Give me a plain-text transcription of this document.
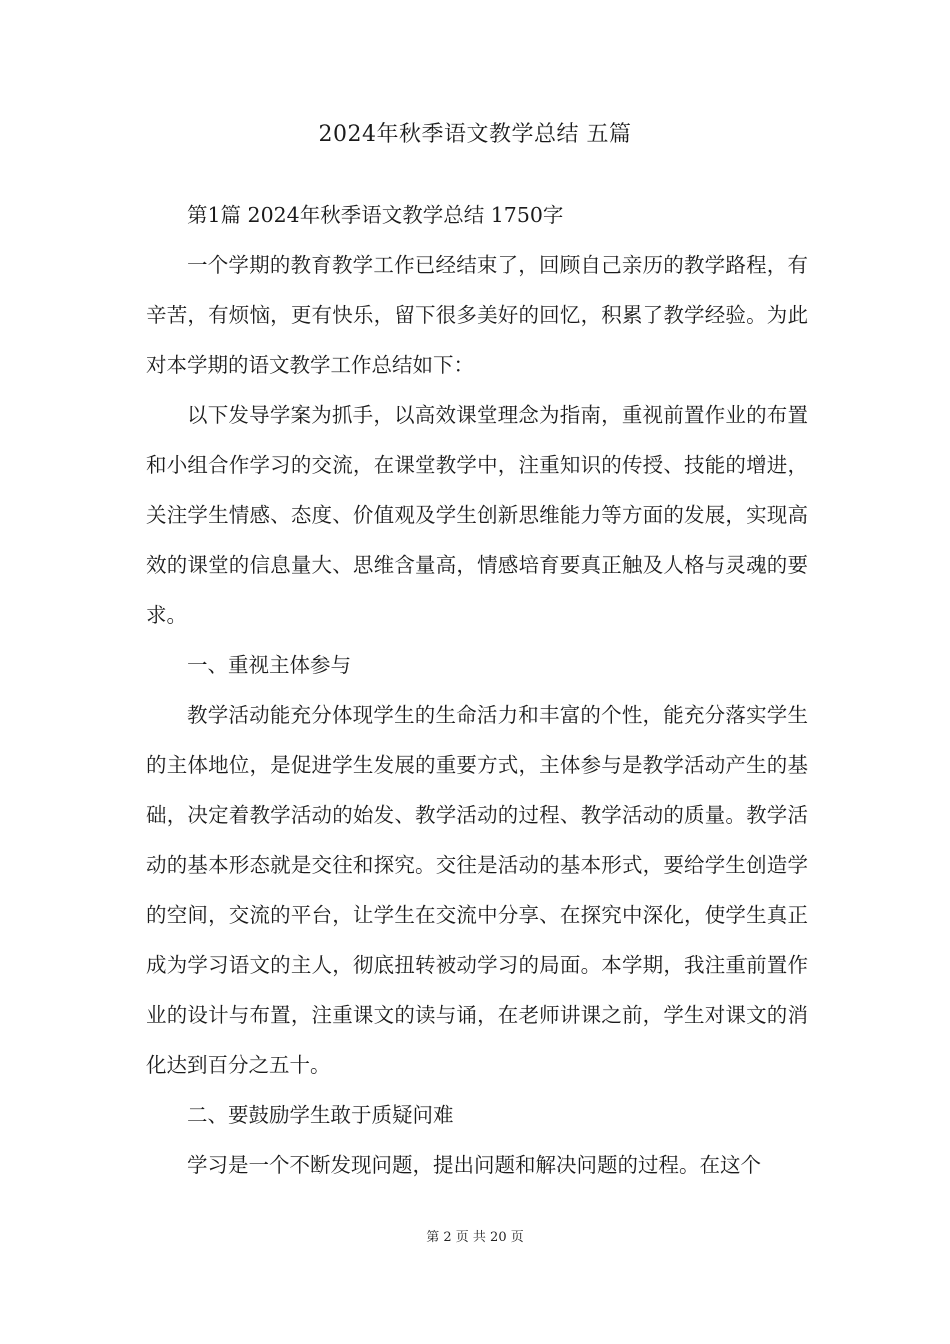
2024年秋季语文教学总结 五篇

第1篇 2024年秋季语文教学总结 1750字

一个学期的教育教学工作已经结束了，回顾自己亲历的教学路程，有辛苦，有烦恼，更有快乐，留下很多美好的回忆，积累了教学经验。为此对本学期的语文教学工作总结如下：

以下发导学案为抓手，以高效课堂理念为指南，重视前置作业的布置和小组合作学习的交流，在课堂教学中，注重知识的传授、技能的增进，关注学生情感、态度、价值观及学生创新思维能力等方面的发展，实现高效的课堂的信息量大、思维含量高，情感培育要真正触及人格与灵魂的要求。

一、重视主体参与

教学活动能充分体现学生的生命活力和丰富的个性，能充分落实学生的主体地位，是促进学生发展的重要方式，主体参与是教学活动产生的基础，决定着教学活动的始发、教学活动的过程、教学活动的质量。教学活动的基本形态就是交往和探究。交往是活动的基本形式，要给学生创造学的空间，交流的平台，让学生在交流中分享、在探究中深化，使学生真正成为学习语文的主人，彻底扭转被动学习的局面。本学期，我注重前置作业的设计与布置，注重课文的读与诵，在老师讲课之前，学生对课文的消化达到百分之五十。

二、要鼓励学生敢于质疑问难

学习是一个不断发现问题，提出问题和解决问题的过程。在这个

第 2 页 共 20 页
